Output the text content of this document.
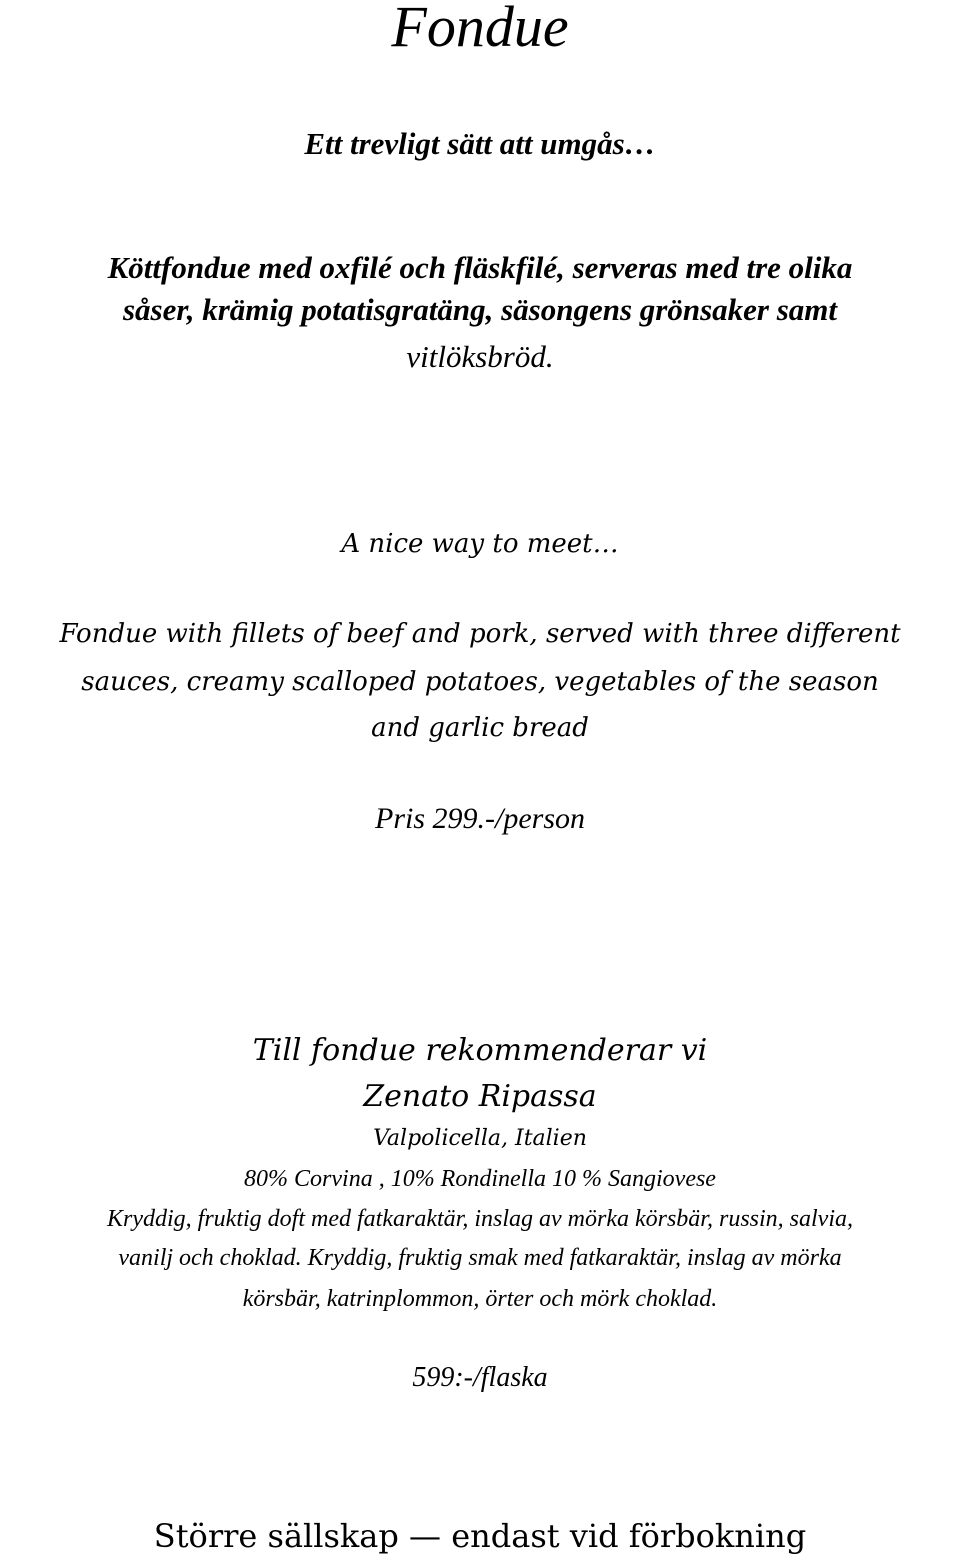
Fondue

Ett trevligt sätt att umgås…

Köttfondue med oxfilé och fläskfilé, serveras med tre olika

såser, krämig potatisgratäng, säsongens grönsaker samt

vitlöksbröd.

A nice way to meet…

Fondue with fillets of beef and pork, served with three different

sauces, creamy scalloped potatoes, vegetables of the season

and garlic bread

Pris 299.-/person

Till fondue rekommenderar vi

Zenato Ripassa

Valpolicella, Italien

80% Corvina , 10% Rondinella 10 % Sangiovese

Kryddig, fruktig doft med fatkaraktär, inslag av mörka körsbär, russin, salvia,

vanilj och choklad. Kryddig, fruktig smak med fatkaraktär, inslag av mörka

körsbär, katrinplommon, örter och mörk choklad.

599:-/flaska

Större sällskap — endast vid förbokning
